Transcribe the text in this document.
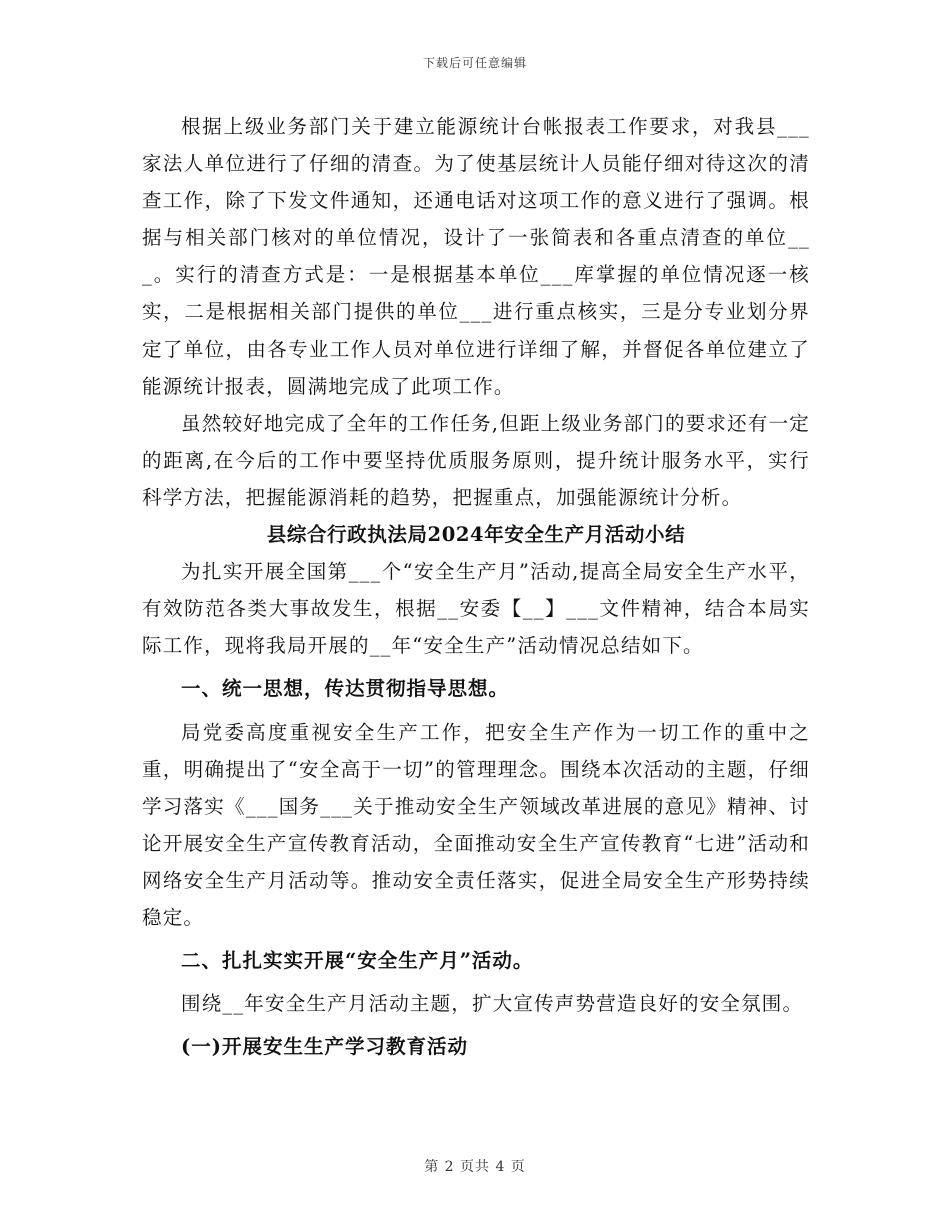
下载后可任意编辑

根据上级业务部门关于建立能源统计台帐报表工作要求，对我县___家法人单位进行了仔细的清查。为了使基层统计人员能仔细对待这次的清查工作，除了下发文件通知，还通电话对这项工作的意义进行了强调。根据与相关部门核对的单位情况，设计了一张简表和各重点清查的单位___。实行的清查方式是：一是根据基本单位___库掌握的单位情况逐一核实，二是根据相关部门提供的单位___进行重点核实，三是分专业划分界定了单位，由各专业工作人员对单位进行详细了解，并督促各单位建立了能源统计报表，圆满地完成了此项工作。

虽然较好地完成了全年的工作任务,但距上级业务部门的要求还有一定的距离,在今后的工作中要坚持优质服务原则，提升统计服务水平，实行科学方法，把握能源消耗的趋势，把握重点，加强能源统计分析。

县综合行政执法局2024年安全生产月活动小结

为扎实开展全国第___个“安全生产月”活动,提高全局安全生产水平，有效防范各类大事故发生，根据__安委【__】___文件精神，结合本局实际工作，现将我局开展的__年“安全生产”活动情况总结如下。

一、统一思想，传达贯彻指导思想。

局党委高度重视安全生产工作，把安全生产作为一切工作的重中之重，明确提出了“安全高于一切”的管理理念。围绕本次活动的主题，仔细学习落实《___国务___关于推动安全生产领域改革进展的意见》精神、讨论开展安全生产宣传教育活动，全面推动安全生产宣传教育“七进”活动和网络安全生产月活动等。推动安全责任落实，促进全局安全生产形势持续稳定。

二、扎扎实实开展“安全生产月”活动。

围绕__年安全生产月活动主题，扩大宣传声势营造良好的安全氛围。

(一)开展安生生产学习教育活动

第 2 页共 4 页
